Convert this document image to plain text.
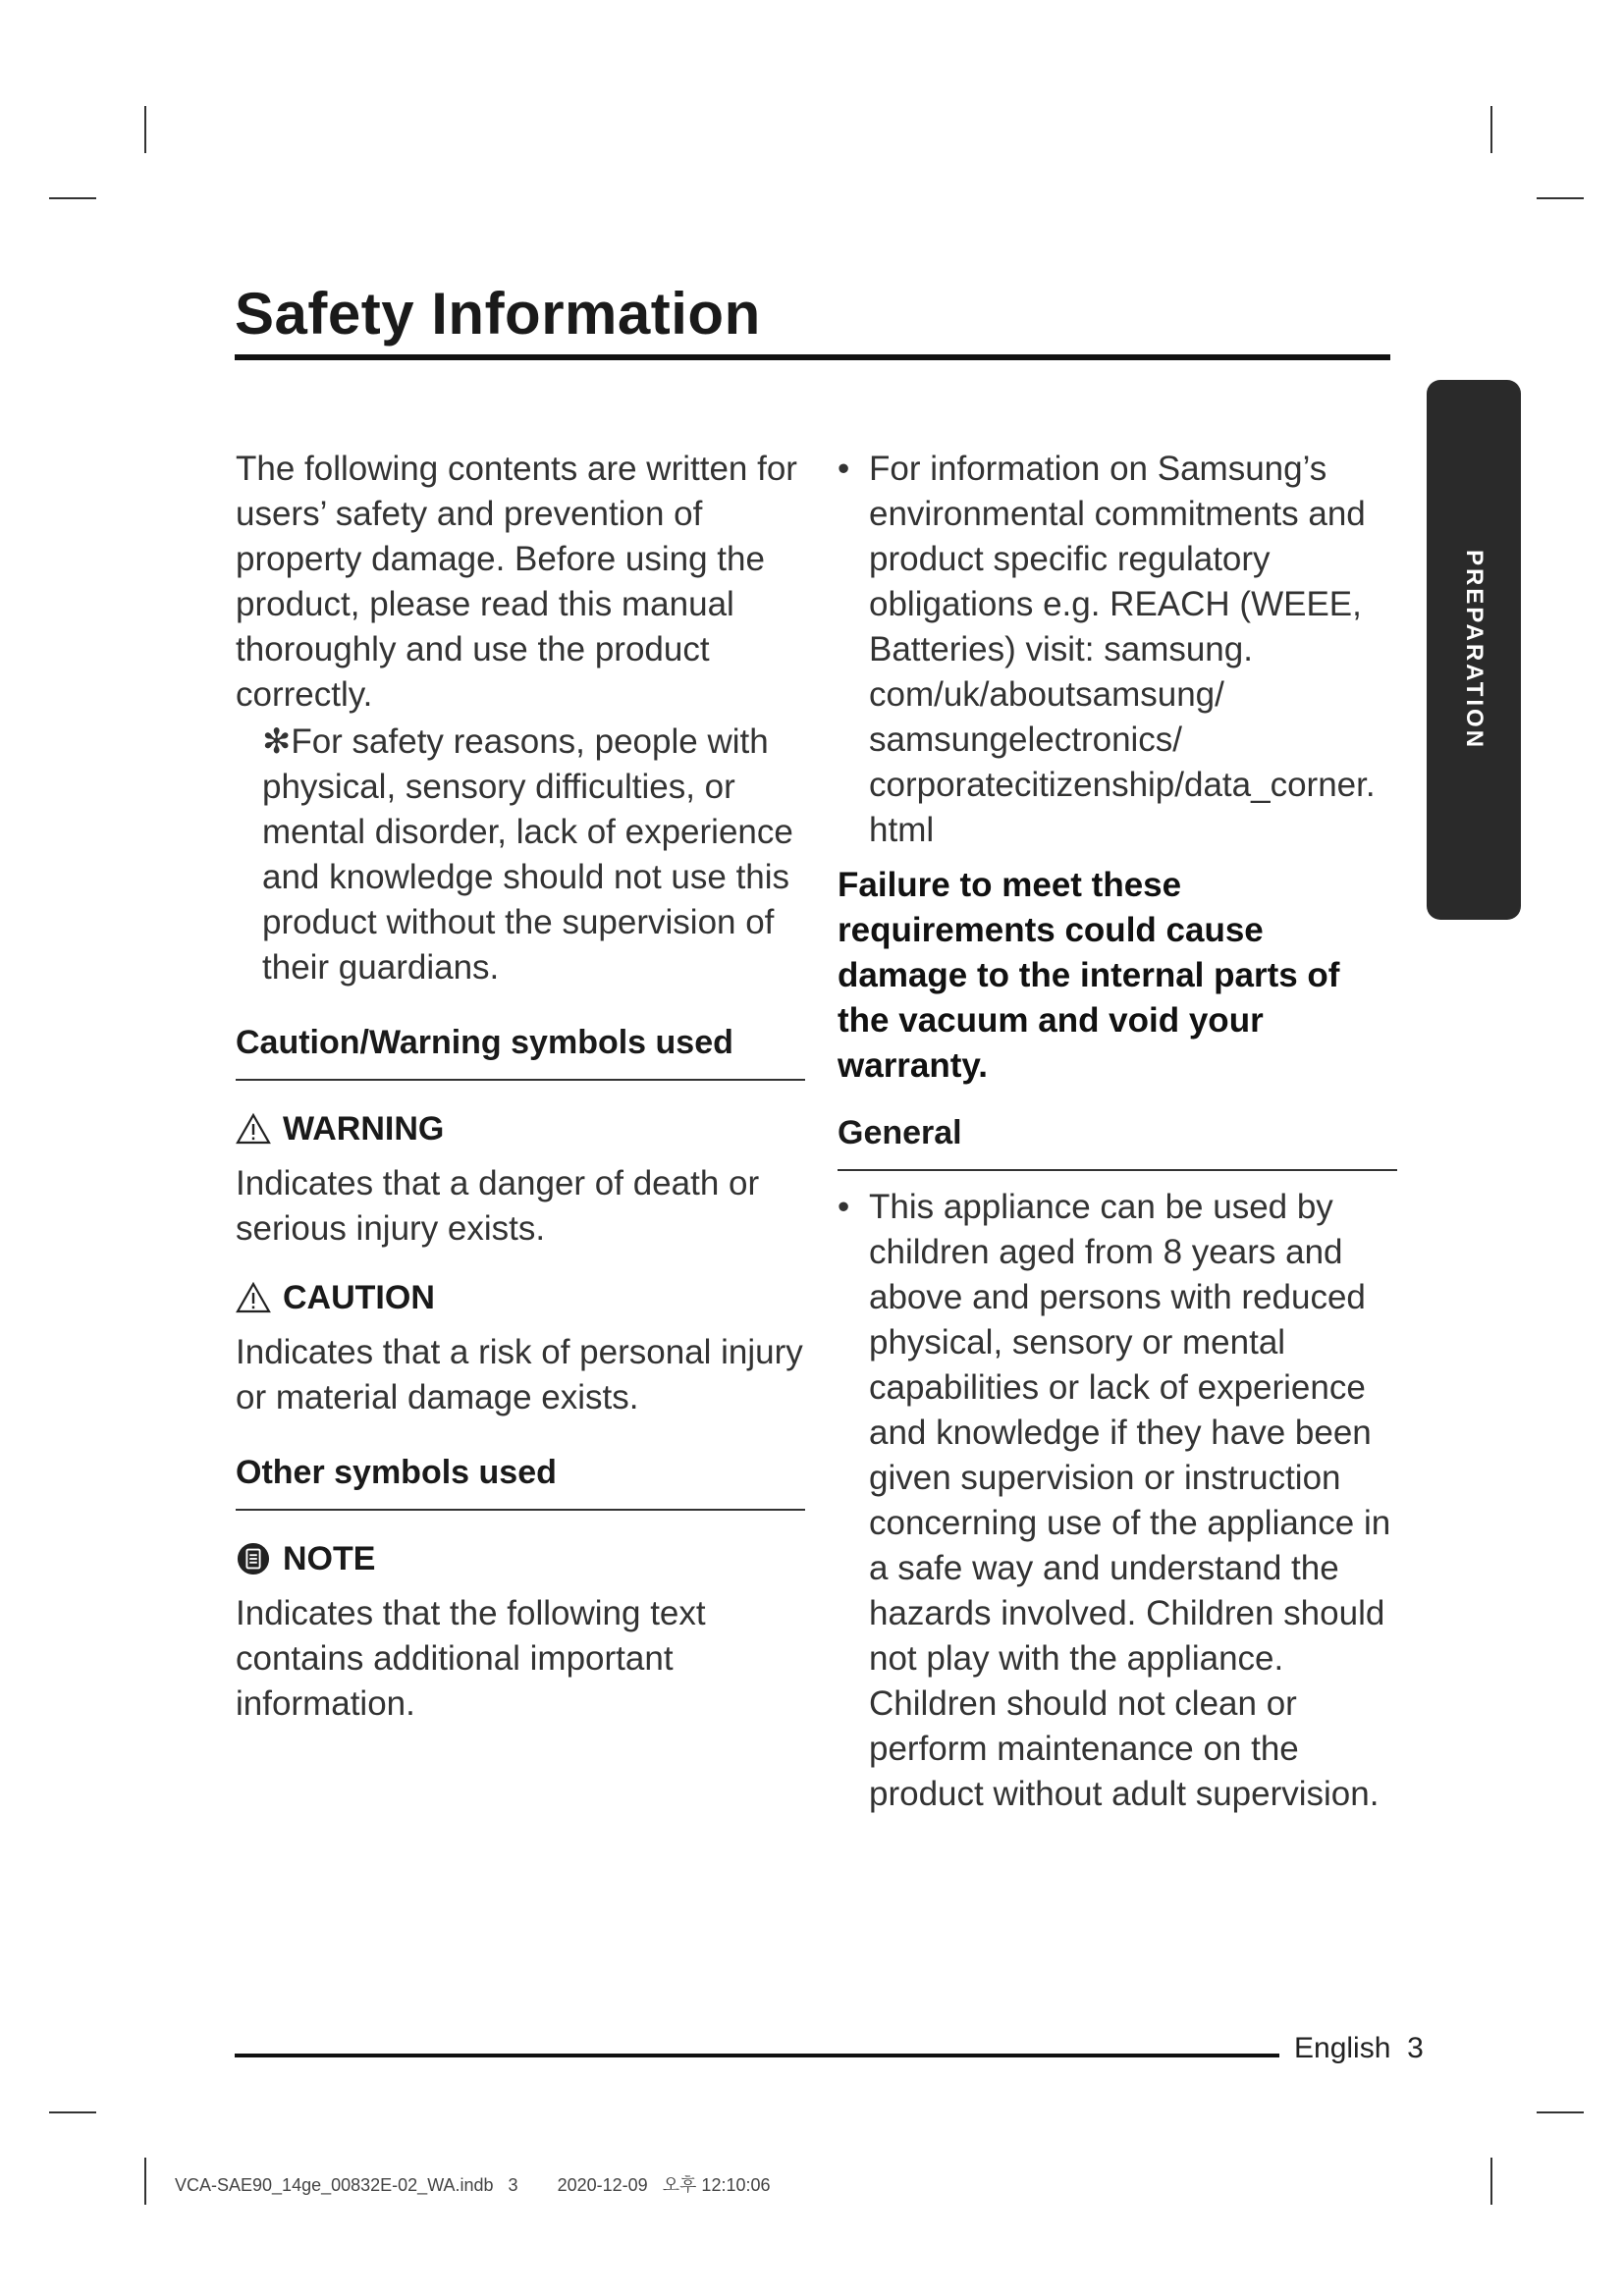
Safety Information
PREPARATION

The following contents are written for users’ safety and prevention of property damage. Before using the product, please read this manual thoroughly and use the product correctly.

✻For safety reasons, people with physical, sensory difficulties, or mental disorder, lack of experience and knowledge should not use this product without the supervision of their guardians.

Caution/Warning symbols used
WARNING

Indicates that a danger of death or serious injury exists.

CAUTION

Indicates that a risk of personal injury or material damage exists.

Other symbols used
NOTE

Indicates that the following text contains additional important information.

• For information on Samsung’s environmental commitments and product specific regulatory obligations e.g. REACH (WEEE, Batteries) visit: samsung. com/uk/aboutsamsung/ samsungelectronics/ corporatecitizenship/data_corner. html

Failure to meet these requirements could cause damage to the internal parts of the vacuum and void your warranty.

General
• This appliance can be used by children aged from 8 years and above and persons with reduced physical, sensory or mental capabilities or lack of experience and knowledge if they have been given supervision or instruction concerning use of the appliance in a safe way and understand the hazards involved. Children should not play with the appliance. Children should not clean or perform maintenance on the product without adult supervision.
English 3
VCA-SAE90_14ge_00832E-02_WA.indb   3        2020-12-09   오후 12:10:06
